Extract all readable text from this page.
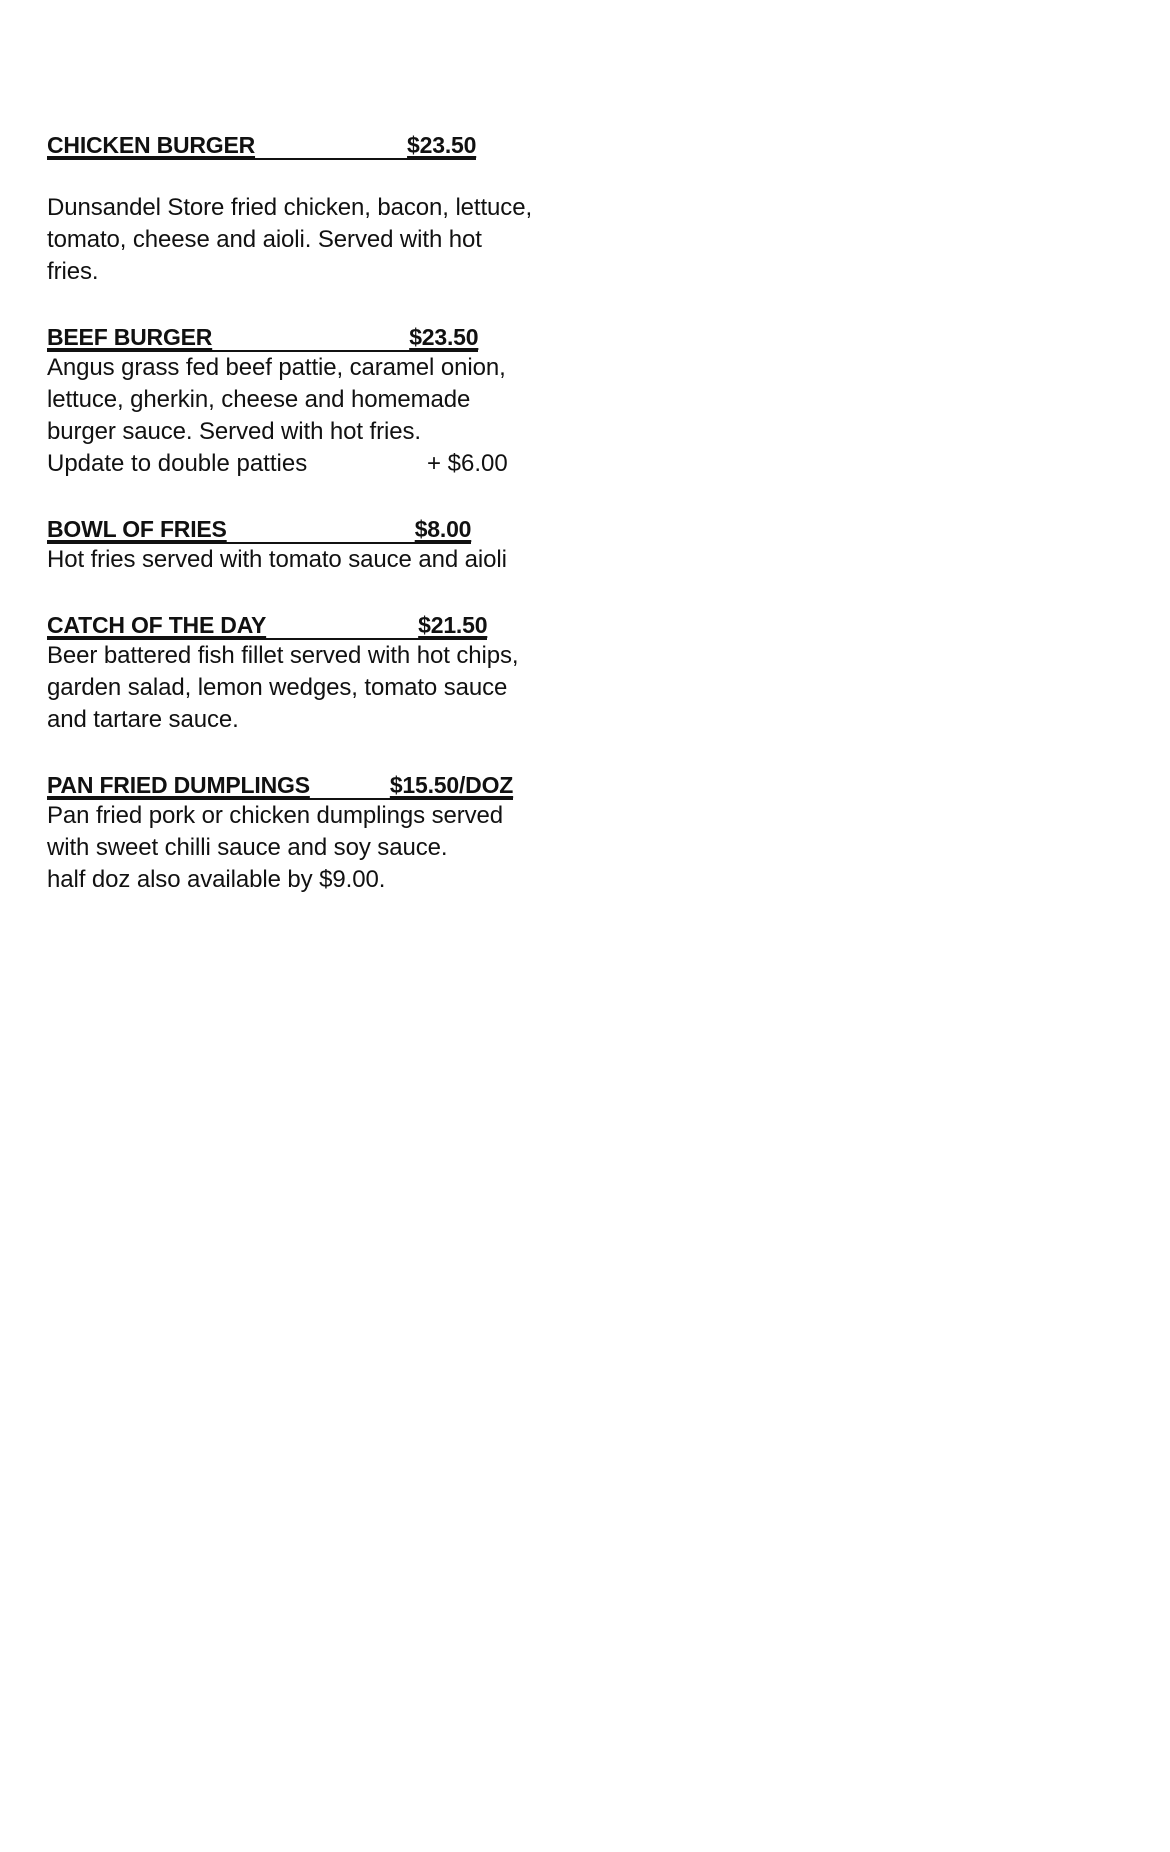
CHICKEN BURGER	$23.50

Dunsandel Store fried chicken, bacon, lettuce,

tomato, cheese and aioli. Served with hot

fries.

BEEF BURGER	$23.50

Angus grass fed beef pattie, caramel onion,

lettuce, gherkin, cheese and homemade

burger sauce. Served with hot fries.

Update to double patties	+ $6.00
BOWL OF FRIES	$8.00

Hot fries served with tomato sauce and aioli

CATCH OF THE DAY	$21.50

Beer battered fish fillet served with hot chips,

garden salad, lemon wedges, tomato sauce

and tartare sauce.

PAN FRIED DUMPLINGS	$15.50/DOZ

Pan fried pork or chicken dumplings served

with sweet chilli sauce and soy sauce.

half doz also available by $9.00.
